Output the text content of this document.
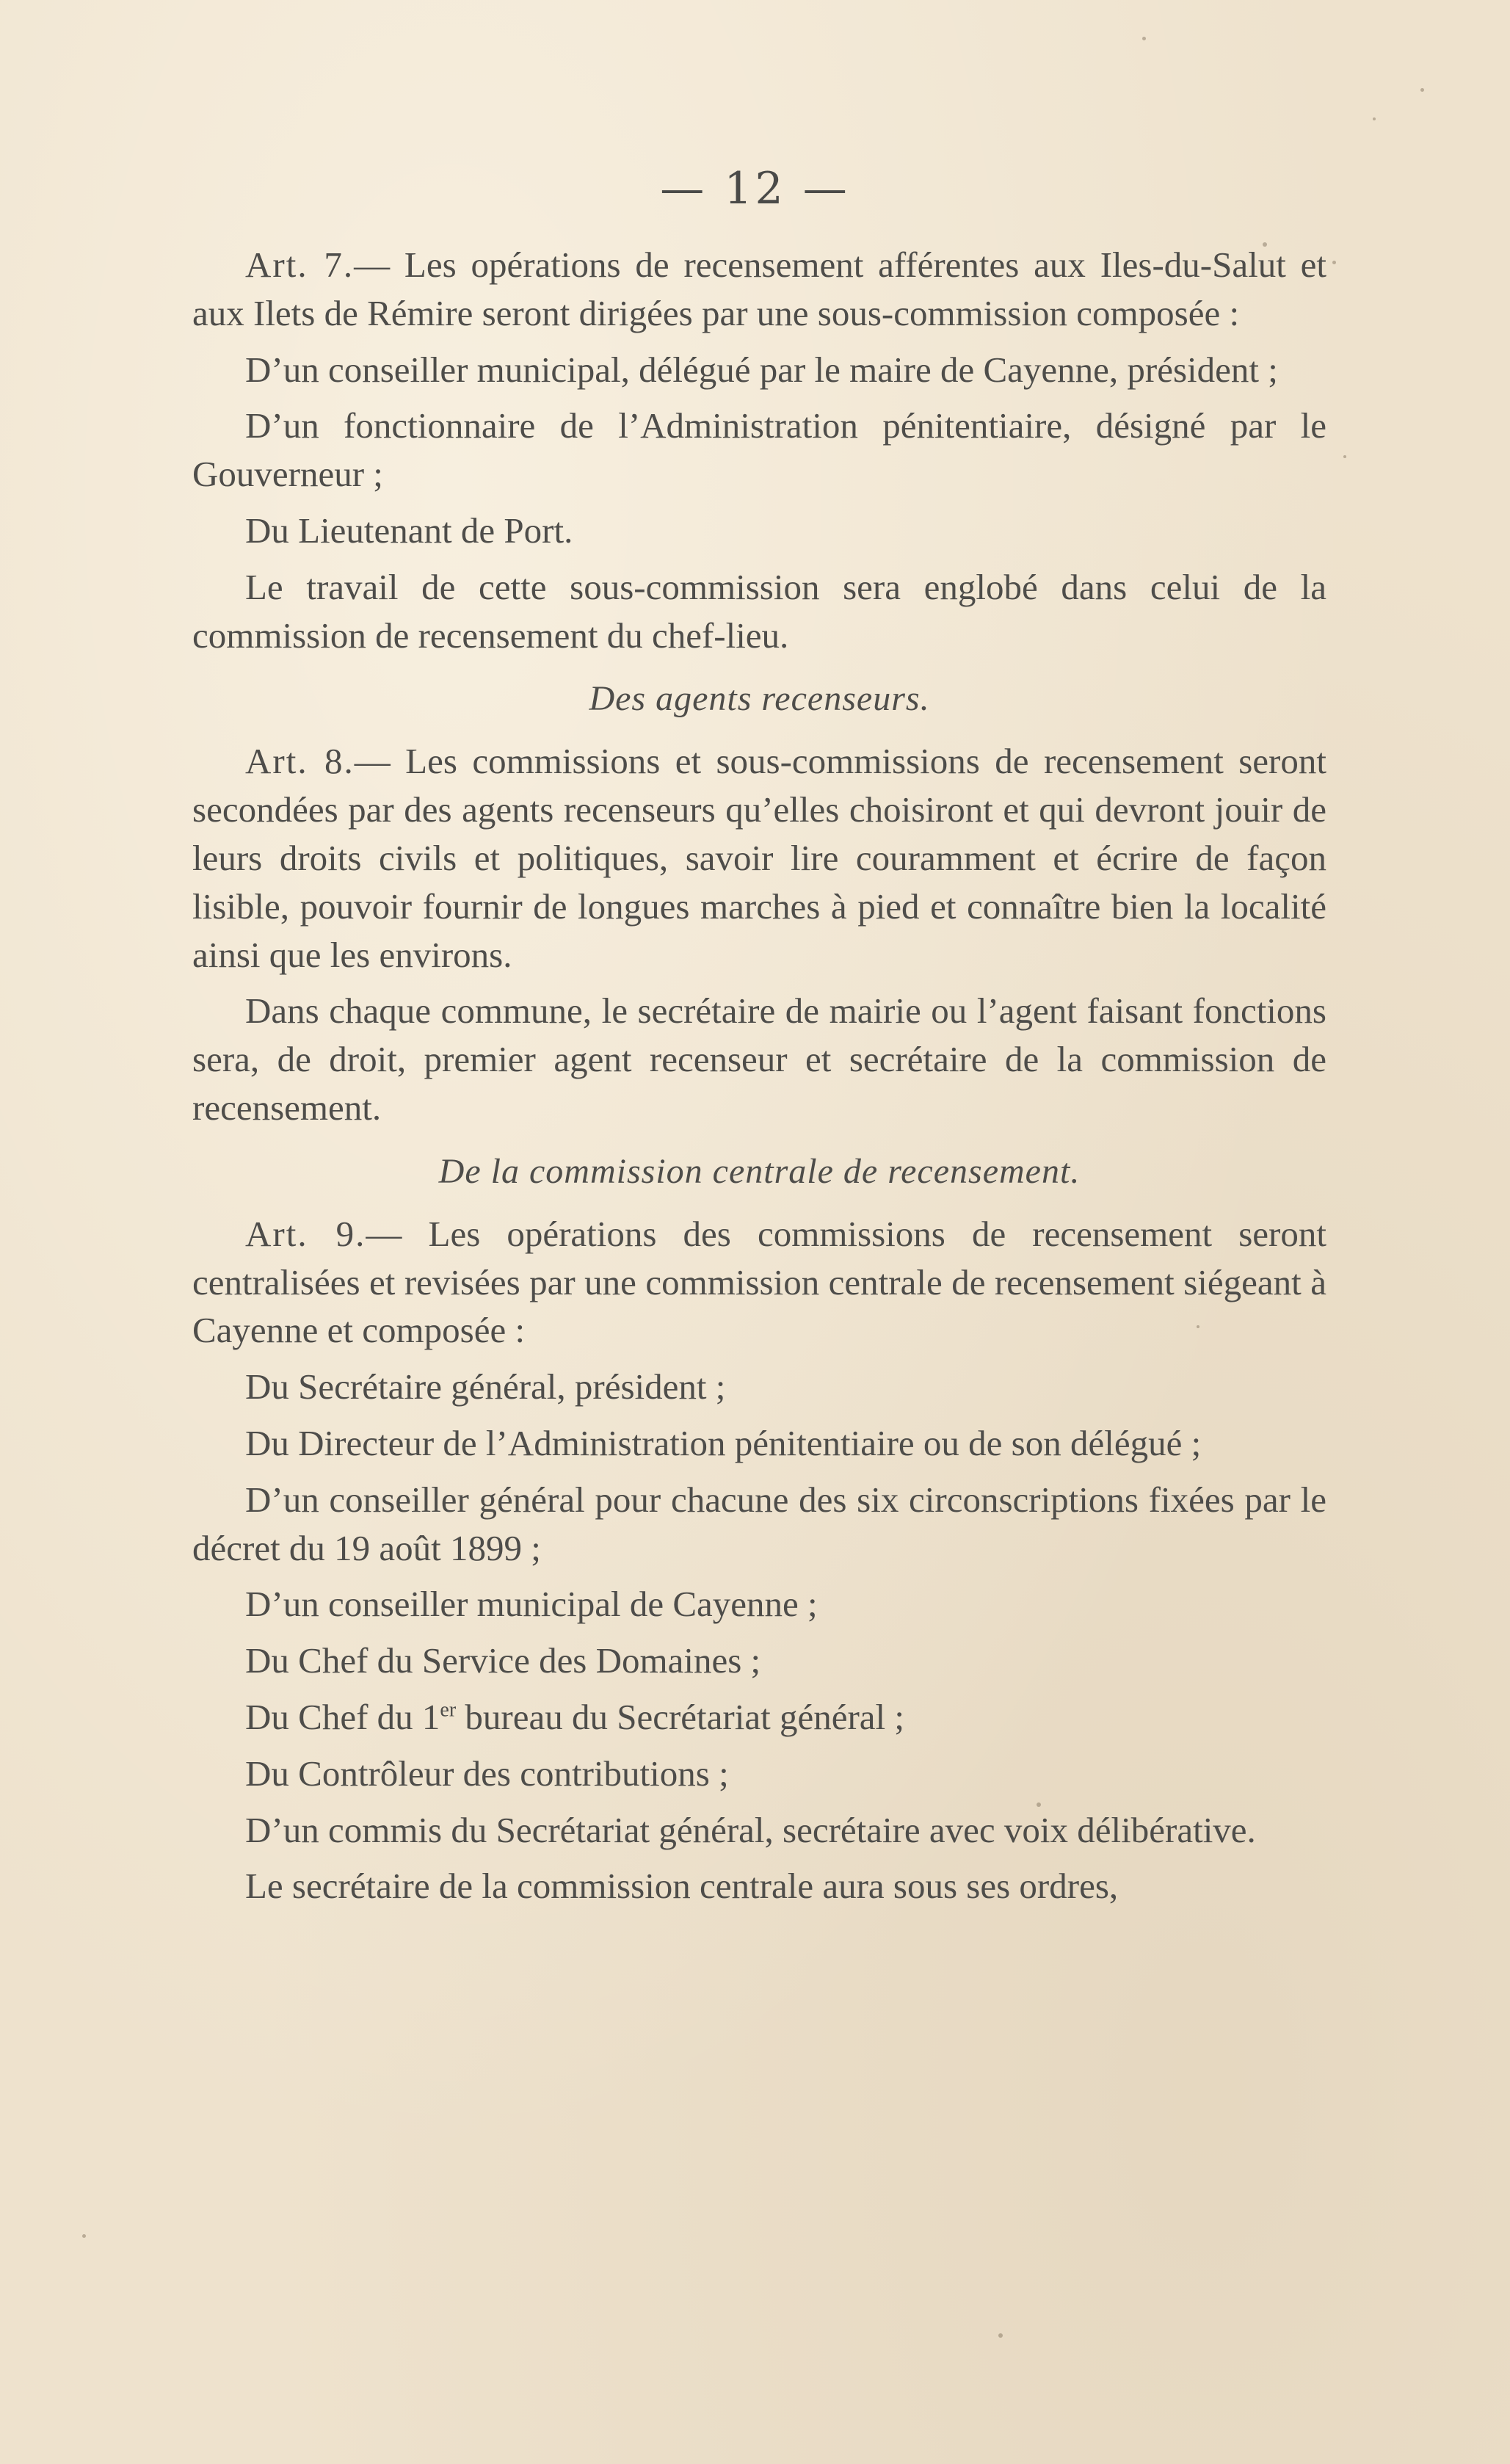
— 12 —

Art. 7.— Les opérations de recensement afférentes aux Iles-du-Salut et aux Ilets de Rémire seront dirigées par une sous-commission composée :

D’un conseiller municipal, délégué par le maire de Cayenne, président ;

D’un fonctionnaire de l’Administration pénitentiaire, désigné par le Gouverneur ;

Du Lieutenant de Port.

Le travail de cette sous-commission sera englobé dans celui de la commission de recensement du chef-lieu.

Des agents recenseurs.

Art. 8.— Les commissions et sous-commissions de recensement seront secondées par des agents recenseurs qu’elles choisiront et qui devront jouir de leurs droits civils et politiques, savoir lire couramment et écrire de façon lisible, pouvoir fournir de longues marches à pied et connaître bien la localité ainsi que les environs.

Dans chaque commune, le secrétaire de mairie ou l’agent faisant fonctions sera, de droit, premier agent recenseur et secrétaire de la commission de recensement.

De la commission centrale de recensement.

Art. 9.— Les opérations des commissions de recensement seront centralisées et revisées par une commission centrale de recensement siégeant à Cayenne et composée :

Du Secrétaire général, président ;

Du Directeur de l’Administration pénitentiaire ou de son délégué ;

D’un conseiller général pour chacune des six circonscriptions fixées par le décret du 19 août 1899 ;

D’un conseiller municipal de Cayenne ;

Du Chef du Service des Domaines ;

Du Chef du 1er bureau du Secrétariat général ;

Du Contrôleur des contributions ;

D’un commis du Secrétariat général, secrétaire avec voix délibérative.

Le secrétaire de la commission centrale aura sous ses ordres,
